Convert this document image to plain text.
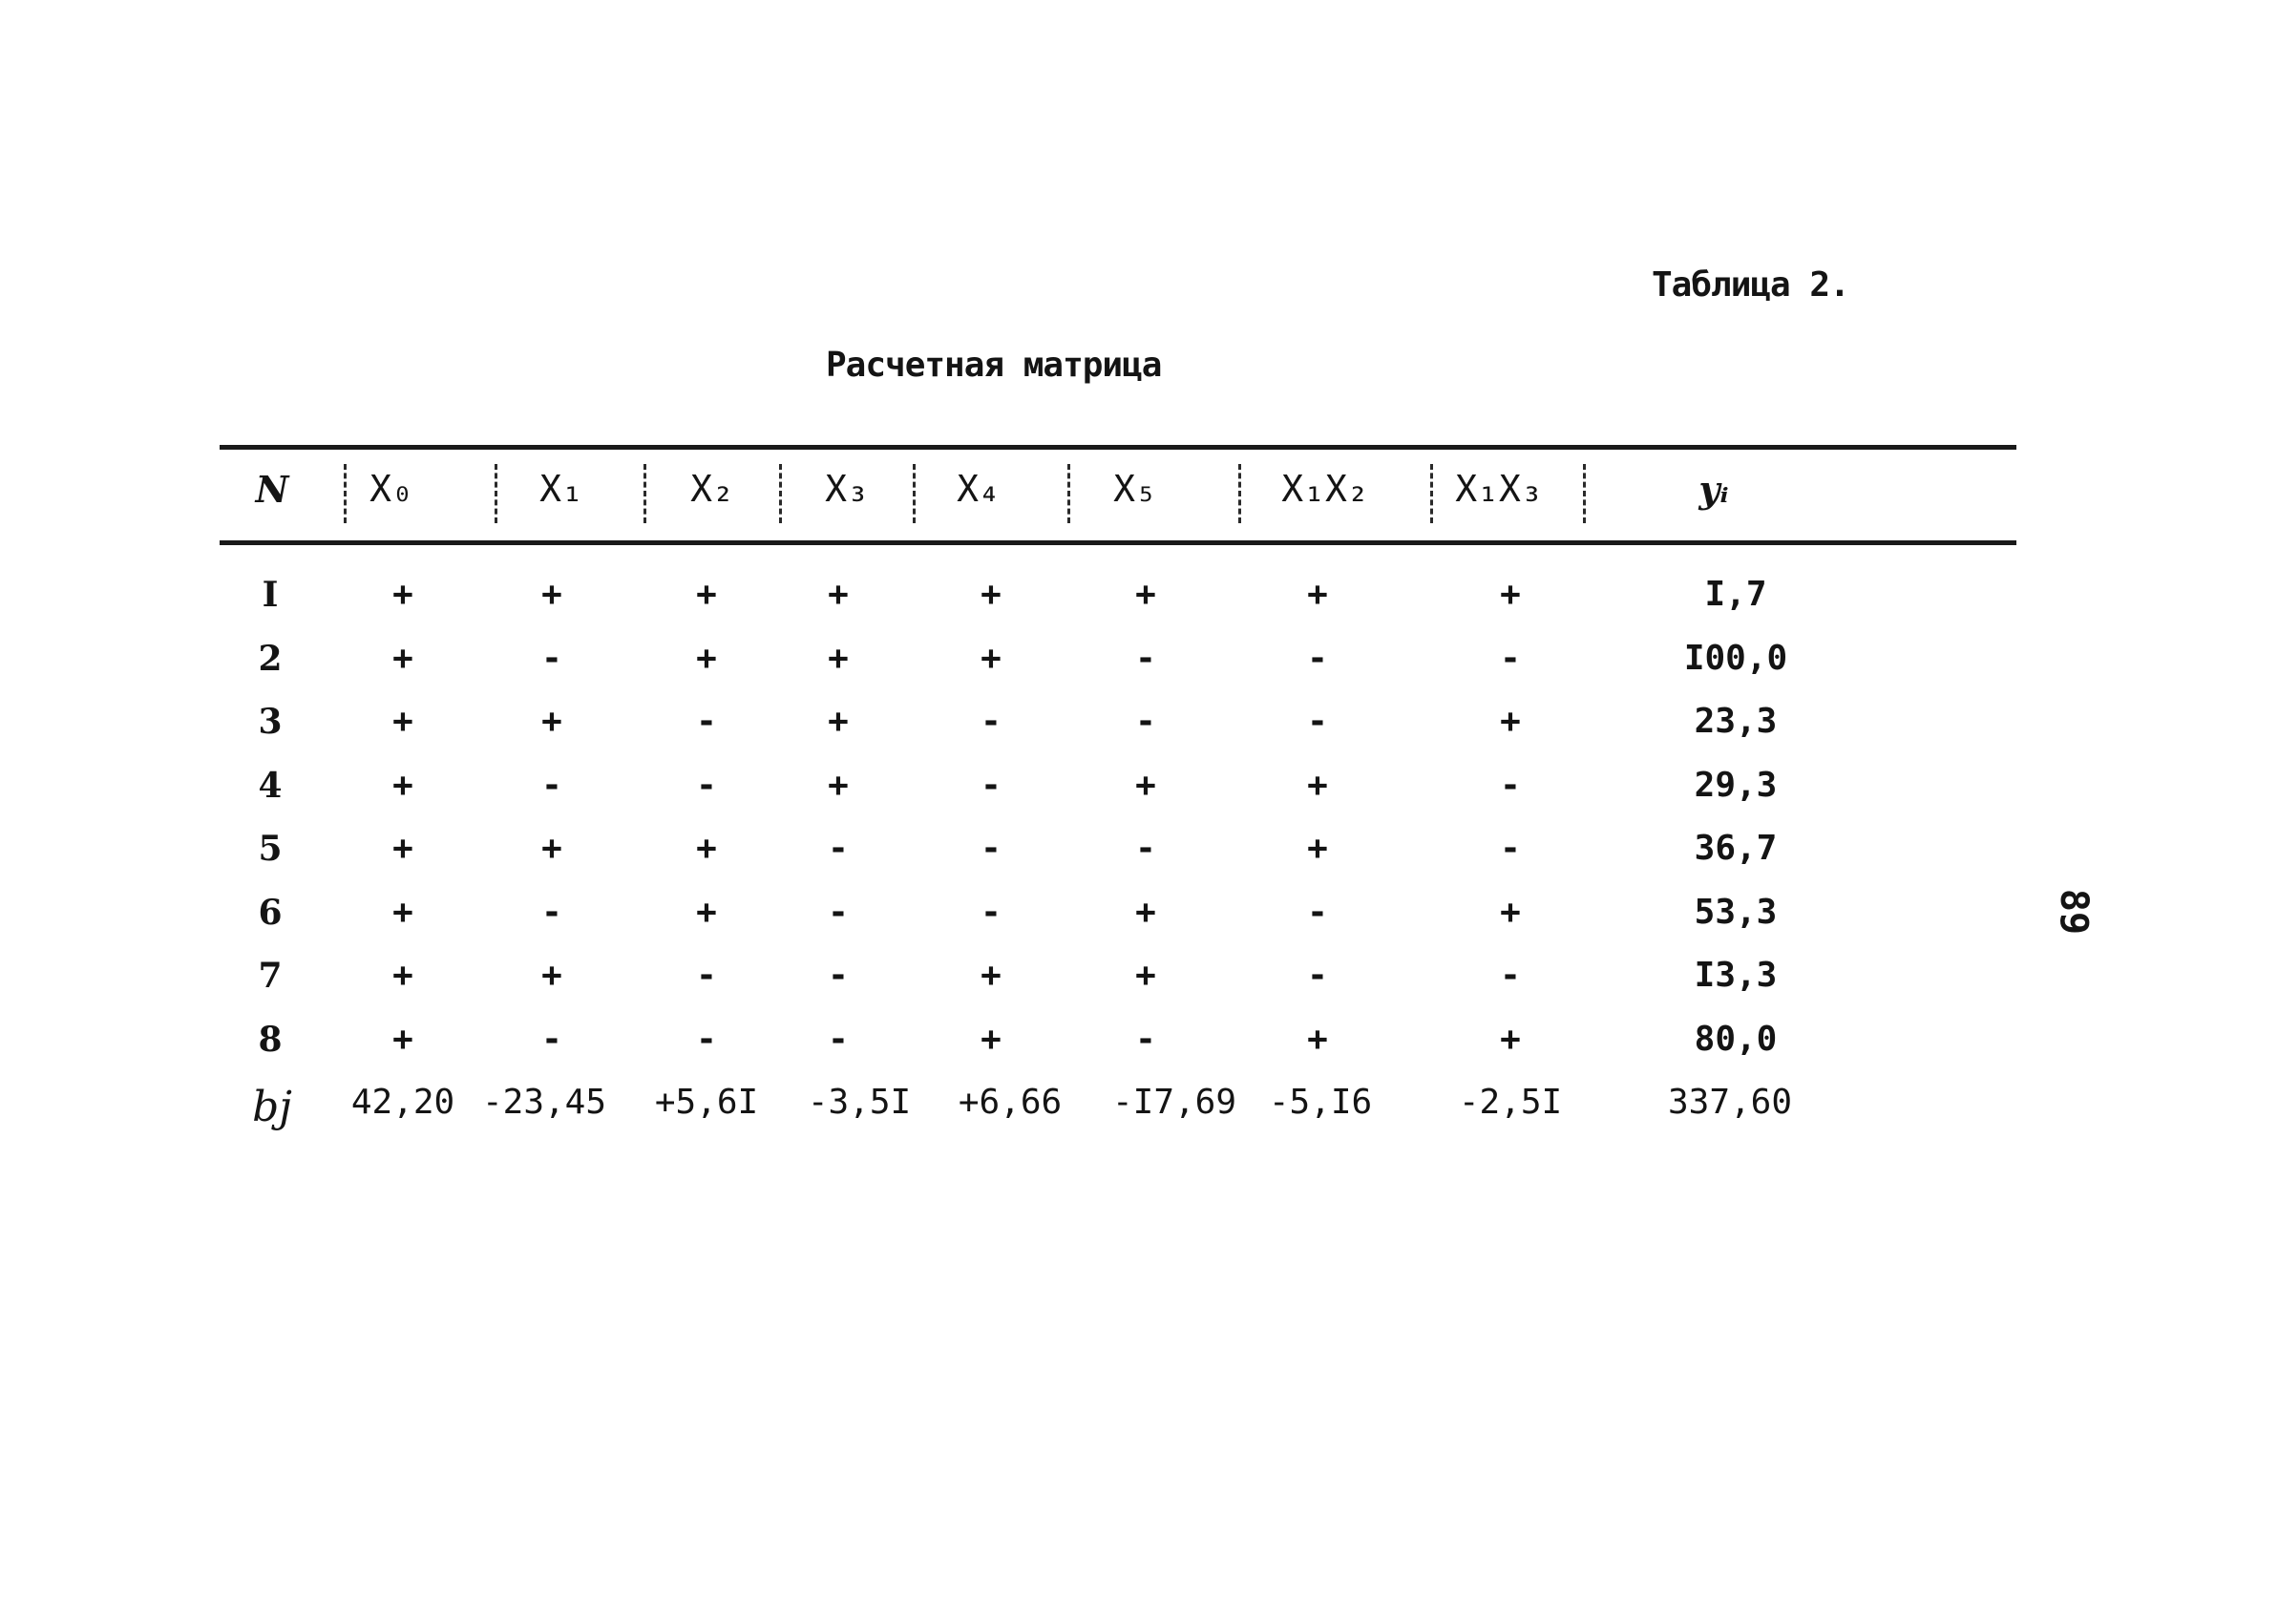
Таблица 2.
Расчетная матрица
89
N X₀	X₁	X₂	X₃ X₄	X₅	X₁X₂ X₁X₃	yᵢ
I	+	+	+	+	+	+	+	+	I,7
2	+	-	+	+	+	-	-	-	I00,0
3	+	+	-	+	-	-	-	+	23,3
4	+	-	-	+	-	+	+	-	29,3
5	+	+	+	-	-	-	+	-	36,7
6	+	-	+	-	-	+	-	+	53,3
7	+	+	-	-	+	+	-	-	I3,3
8	+	-	-	-	+	-	+	+	80,0
bj 42,20 -23,45 +5,6I -3,5I +6,66 -I7,69 -5,I6	-2,5I	337,60
